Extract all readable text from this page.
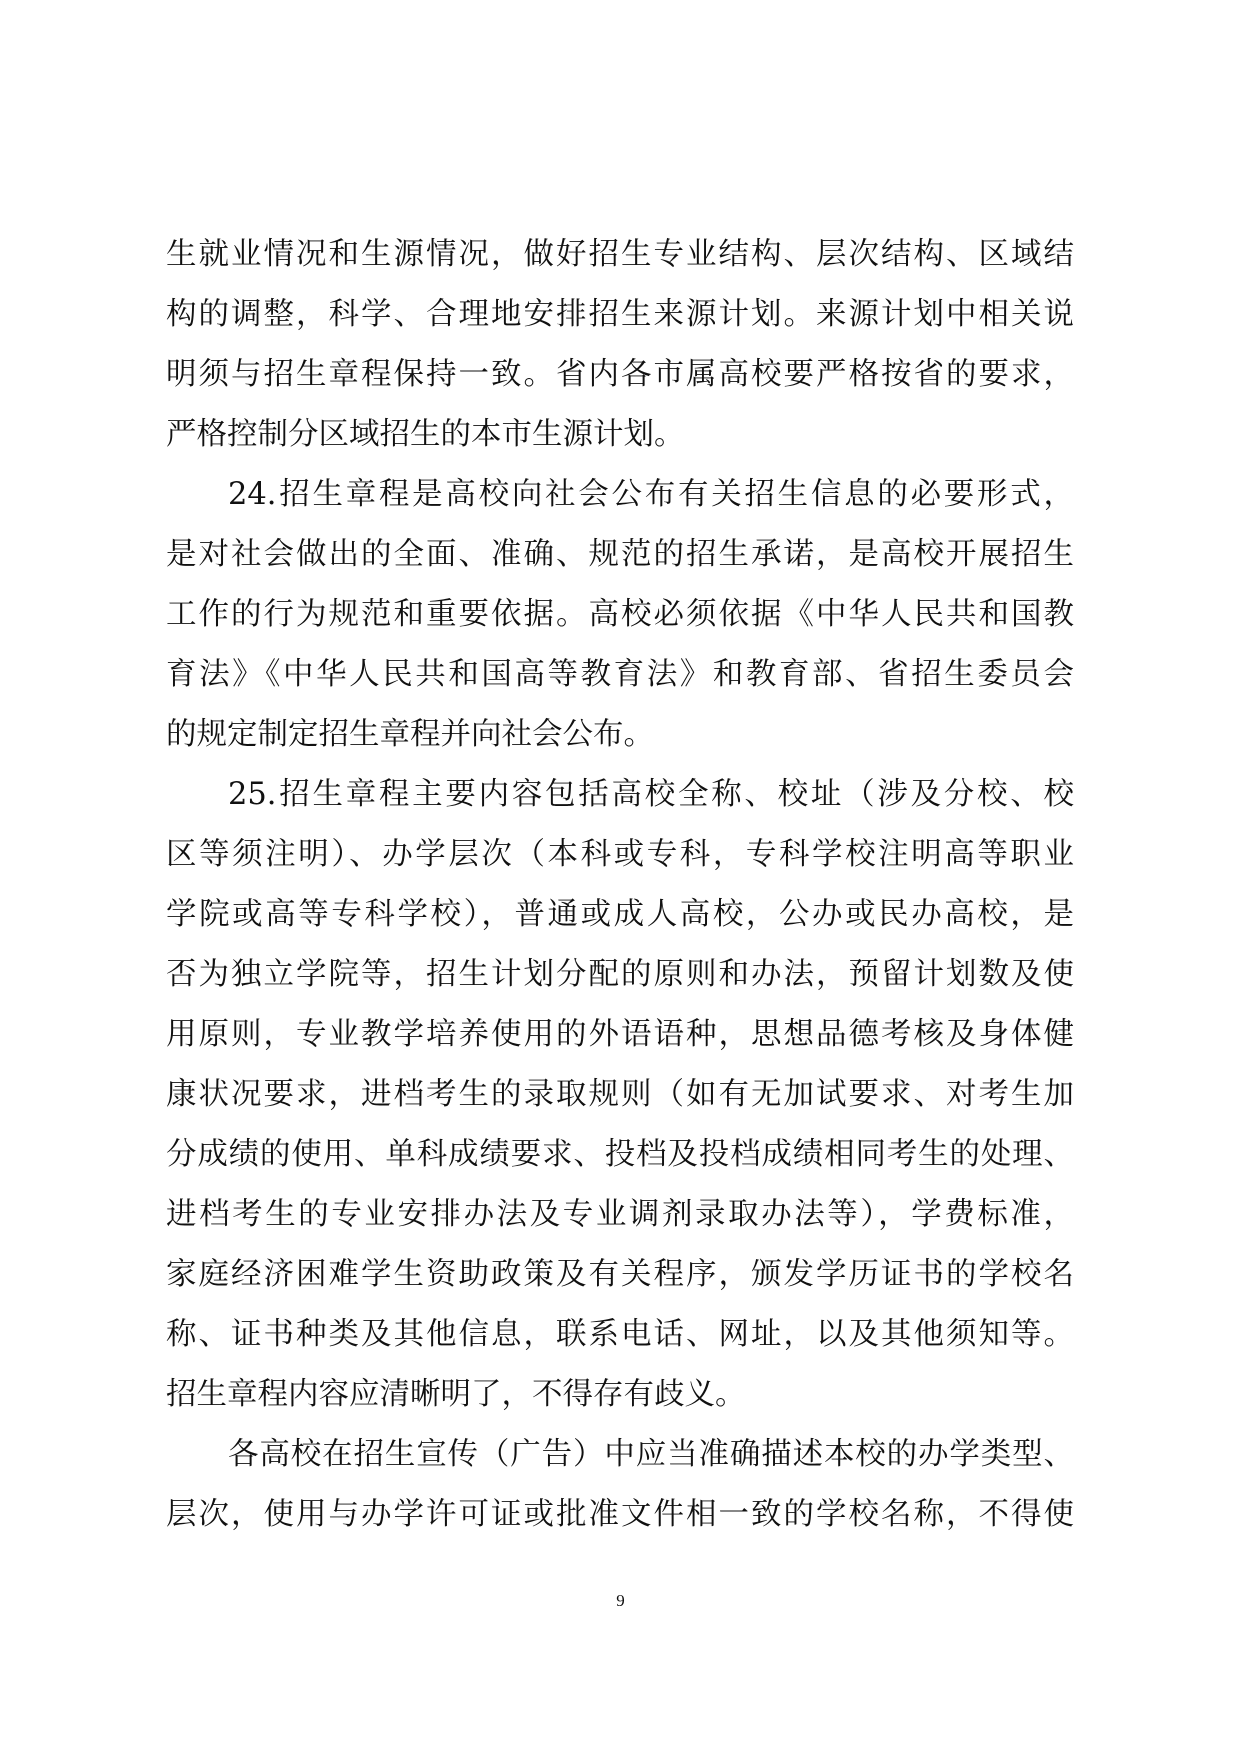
生就业情况和生源情况，做好招生专业结构、层次结构、区域结
构的调整，科学、合理地安排招生来源计划。来源计划中相关说
明须与招生章程保持一致。省内各市属高校要严格按省的要求，
严格控制分区域招生的本市生源计划。
24.招生章程是高校向社会公布有关招生信息的必要形式，
是对社会做出的全面、准确、规范的招生承诺，是高校开展招生
工作的行为规范和重要依据。高校必须依据《中华人民共和国教
育法》《中华人民共和国高等教育法》和教育部、省招生委员会
的规定制定招生章程并向社会公布。
25.招生章程主要内容包括高校全称、校址（涉及分校、校
区等须注明）、办学层次（本科或专科，专科学校注明高等职业
学院或高等专科学校），普通或成人高校，公办或民办高校，是
否为独立学院等，招生计划分配的原则和办法，预留计划数及使
用原则，专业教学培养使用的外语语种，思想品德考核及身体健
康状况要求，进档考生的录取规则（如有无加试要求、对考生加
分成绩的使用、单科成绩要求、投档及投档成绩相同考生的处理、
进档考生的专业安排办法及专业调剂录取办法等），学费标准，
家庭经济困难学生资助政策及有关程序，颁发学历证书的学校名
称、证书种类及其他信息，联系电话、网址，以及其他须知等。
招生章程内容应清晰明了，不得存有歧义。
各高校在招生宣传（广告）中应当准确描述本校的办学类型、
层次，使用与办学许可证或批准文件相一致的学校名称，不得使
9
